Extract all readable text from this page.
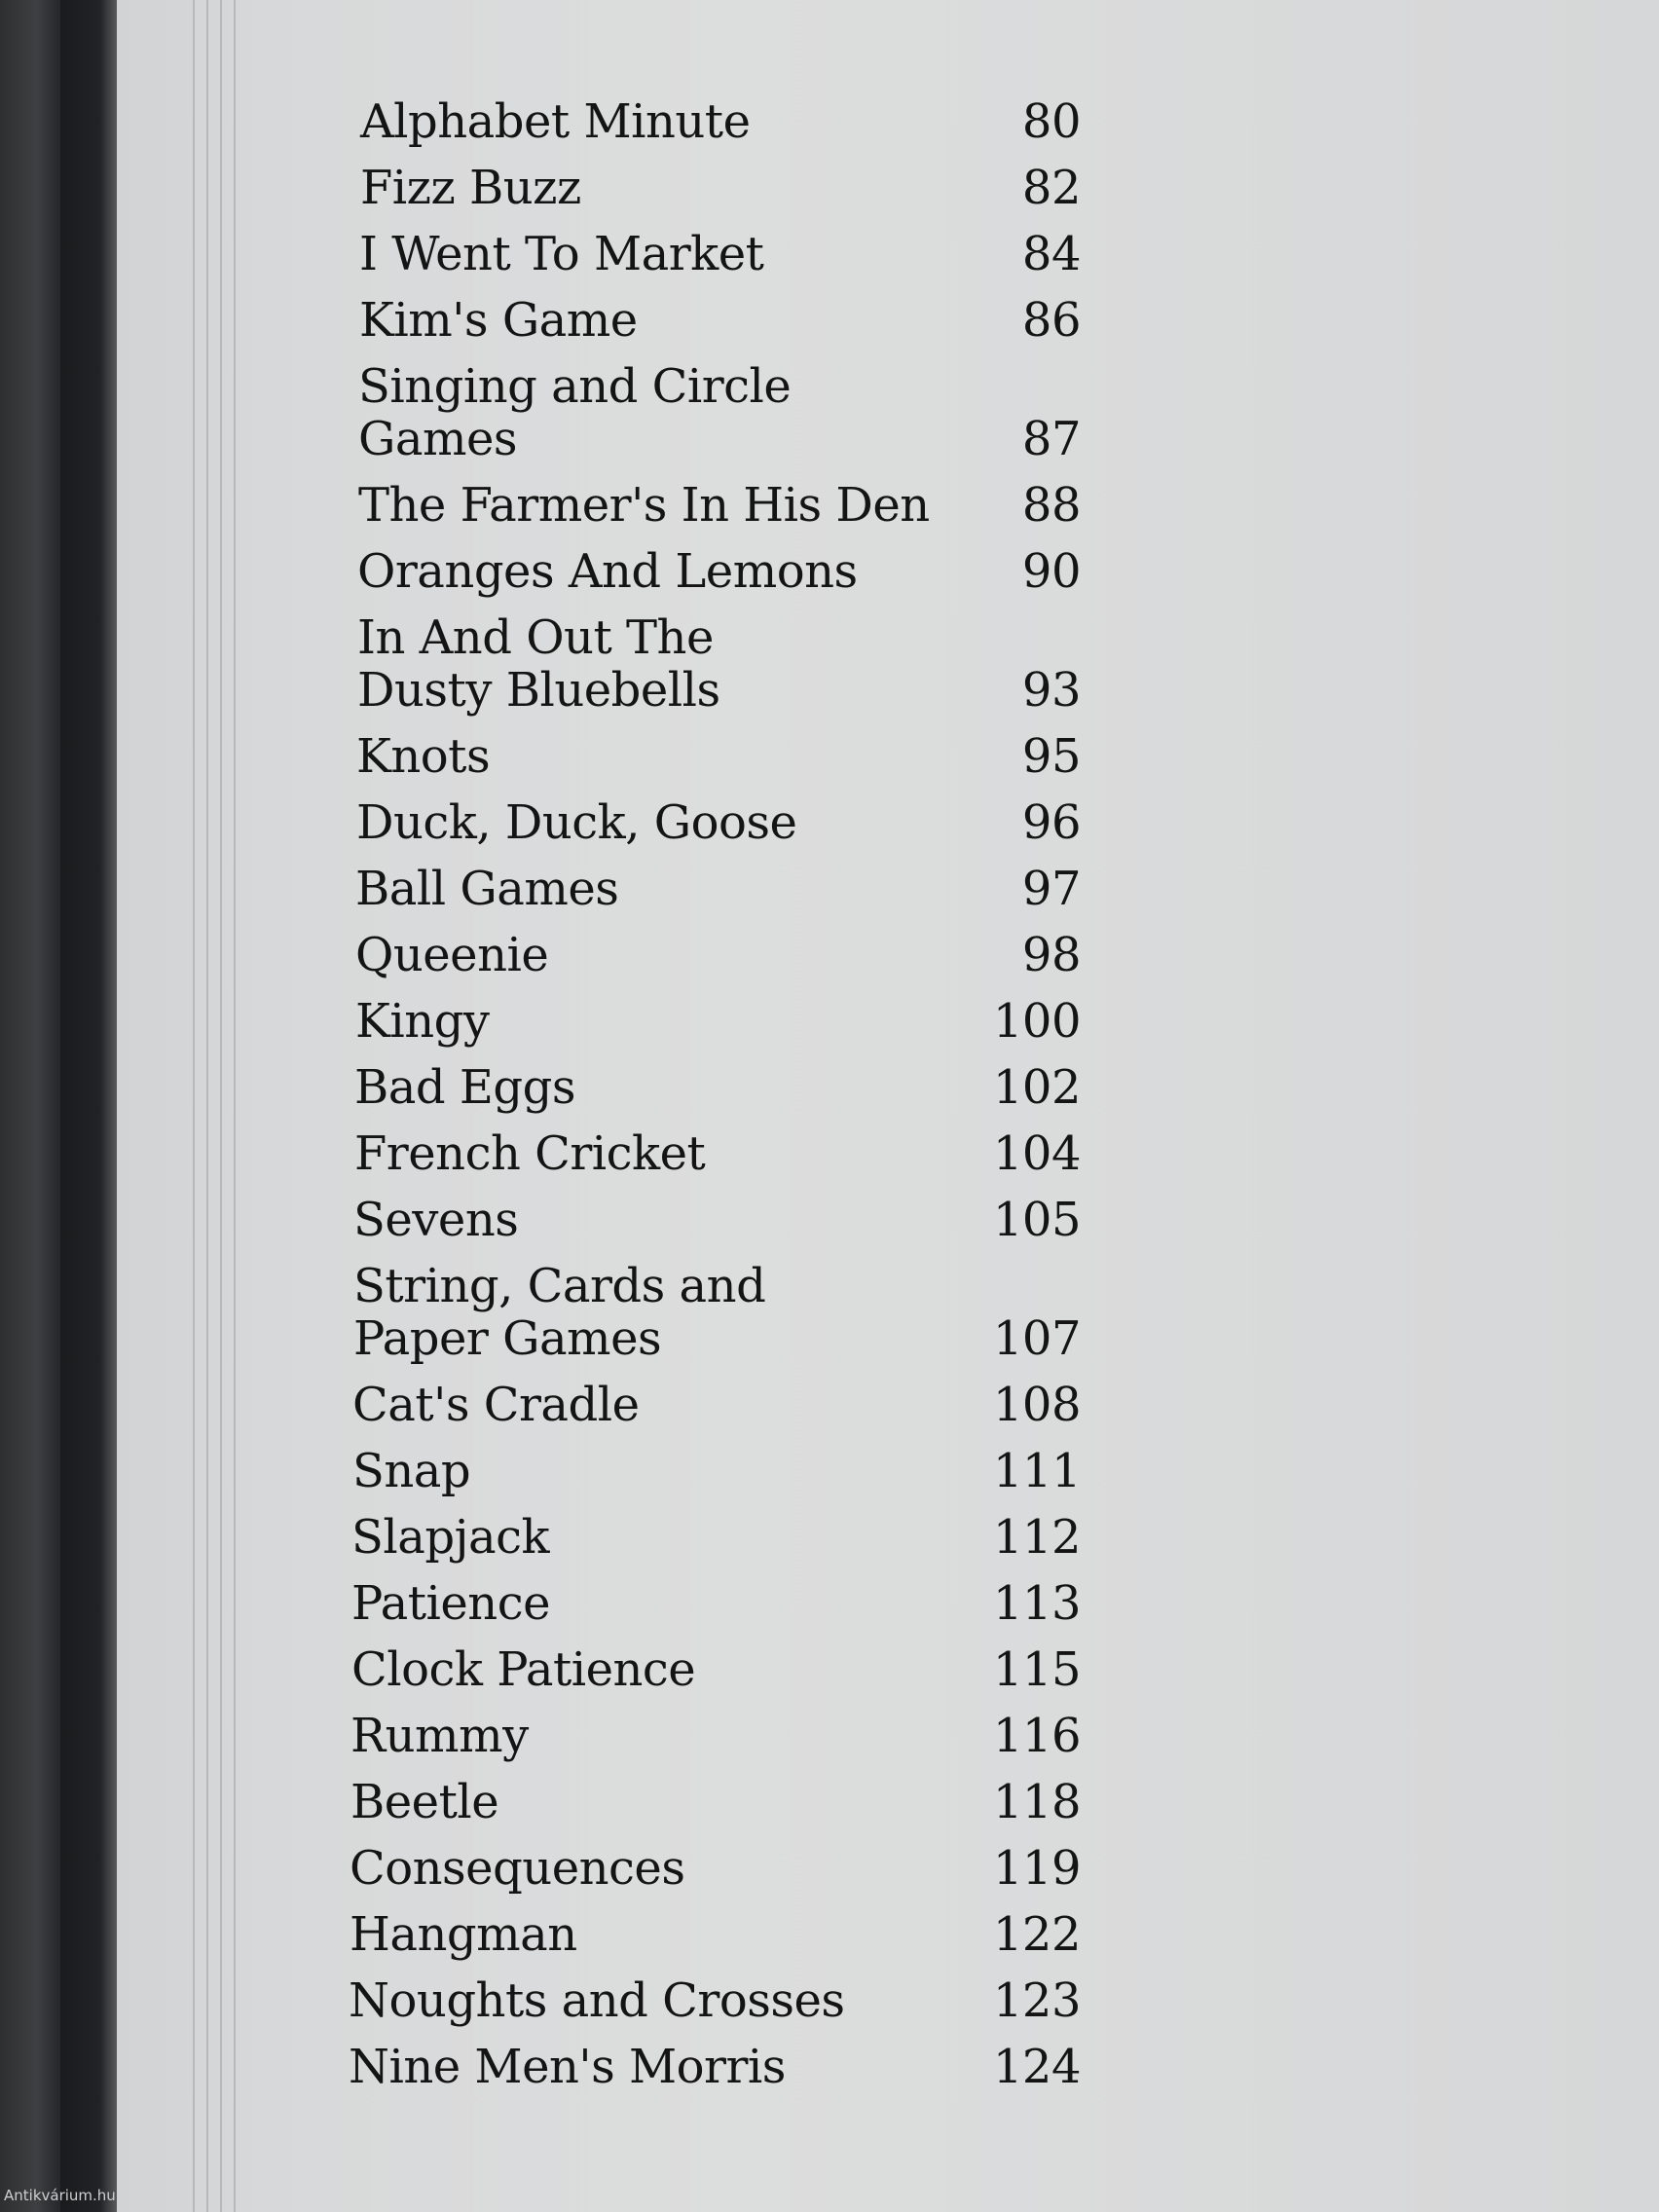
Alphabet Minute	80
Fizz Buzz	82
I Went To Market	84
Kim's Game	86
Singing and Circle Games	87
The Farmer's In His Den	88
Oranges And Lemons	90
In And Out The
Dusty Bluebells	93
Knots	95
Duck, Duck, Goose	96
Ball Games	97
Queenie	98
Kingy	100
Bad Eggs	102
French Cricket	104
Sevens	105
String, Cards and
Paper Games	107
Cat's Cradle	108
Snap	111
Slapjack	112
Patience	113
Clock Patience	115
Rummy	116
Beetle	118
Consequences	119
Hangman	122
Noughts and Crosses	123
Nine Men's Morris	124
Antikvárium.hu
